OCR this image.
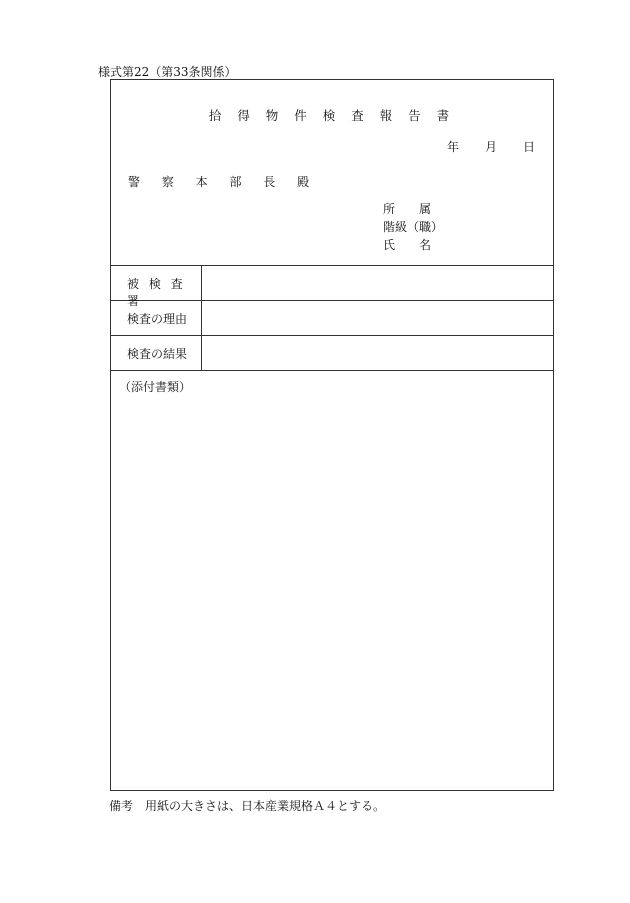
様式第22（第33条関係）
拾 得 物 件 検 査 報 告 書
年 月 日
警 察 本 部 長 殿
所　　属
階級（職）
氏　　名
被 検 査 署
検査の理由
検査の結果
（添付書類）
備考 用紙の大きさは、日本産業規格Ａ４とする。
